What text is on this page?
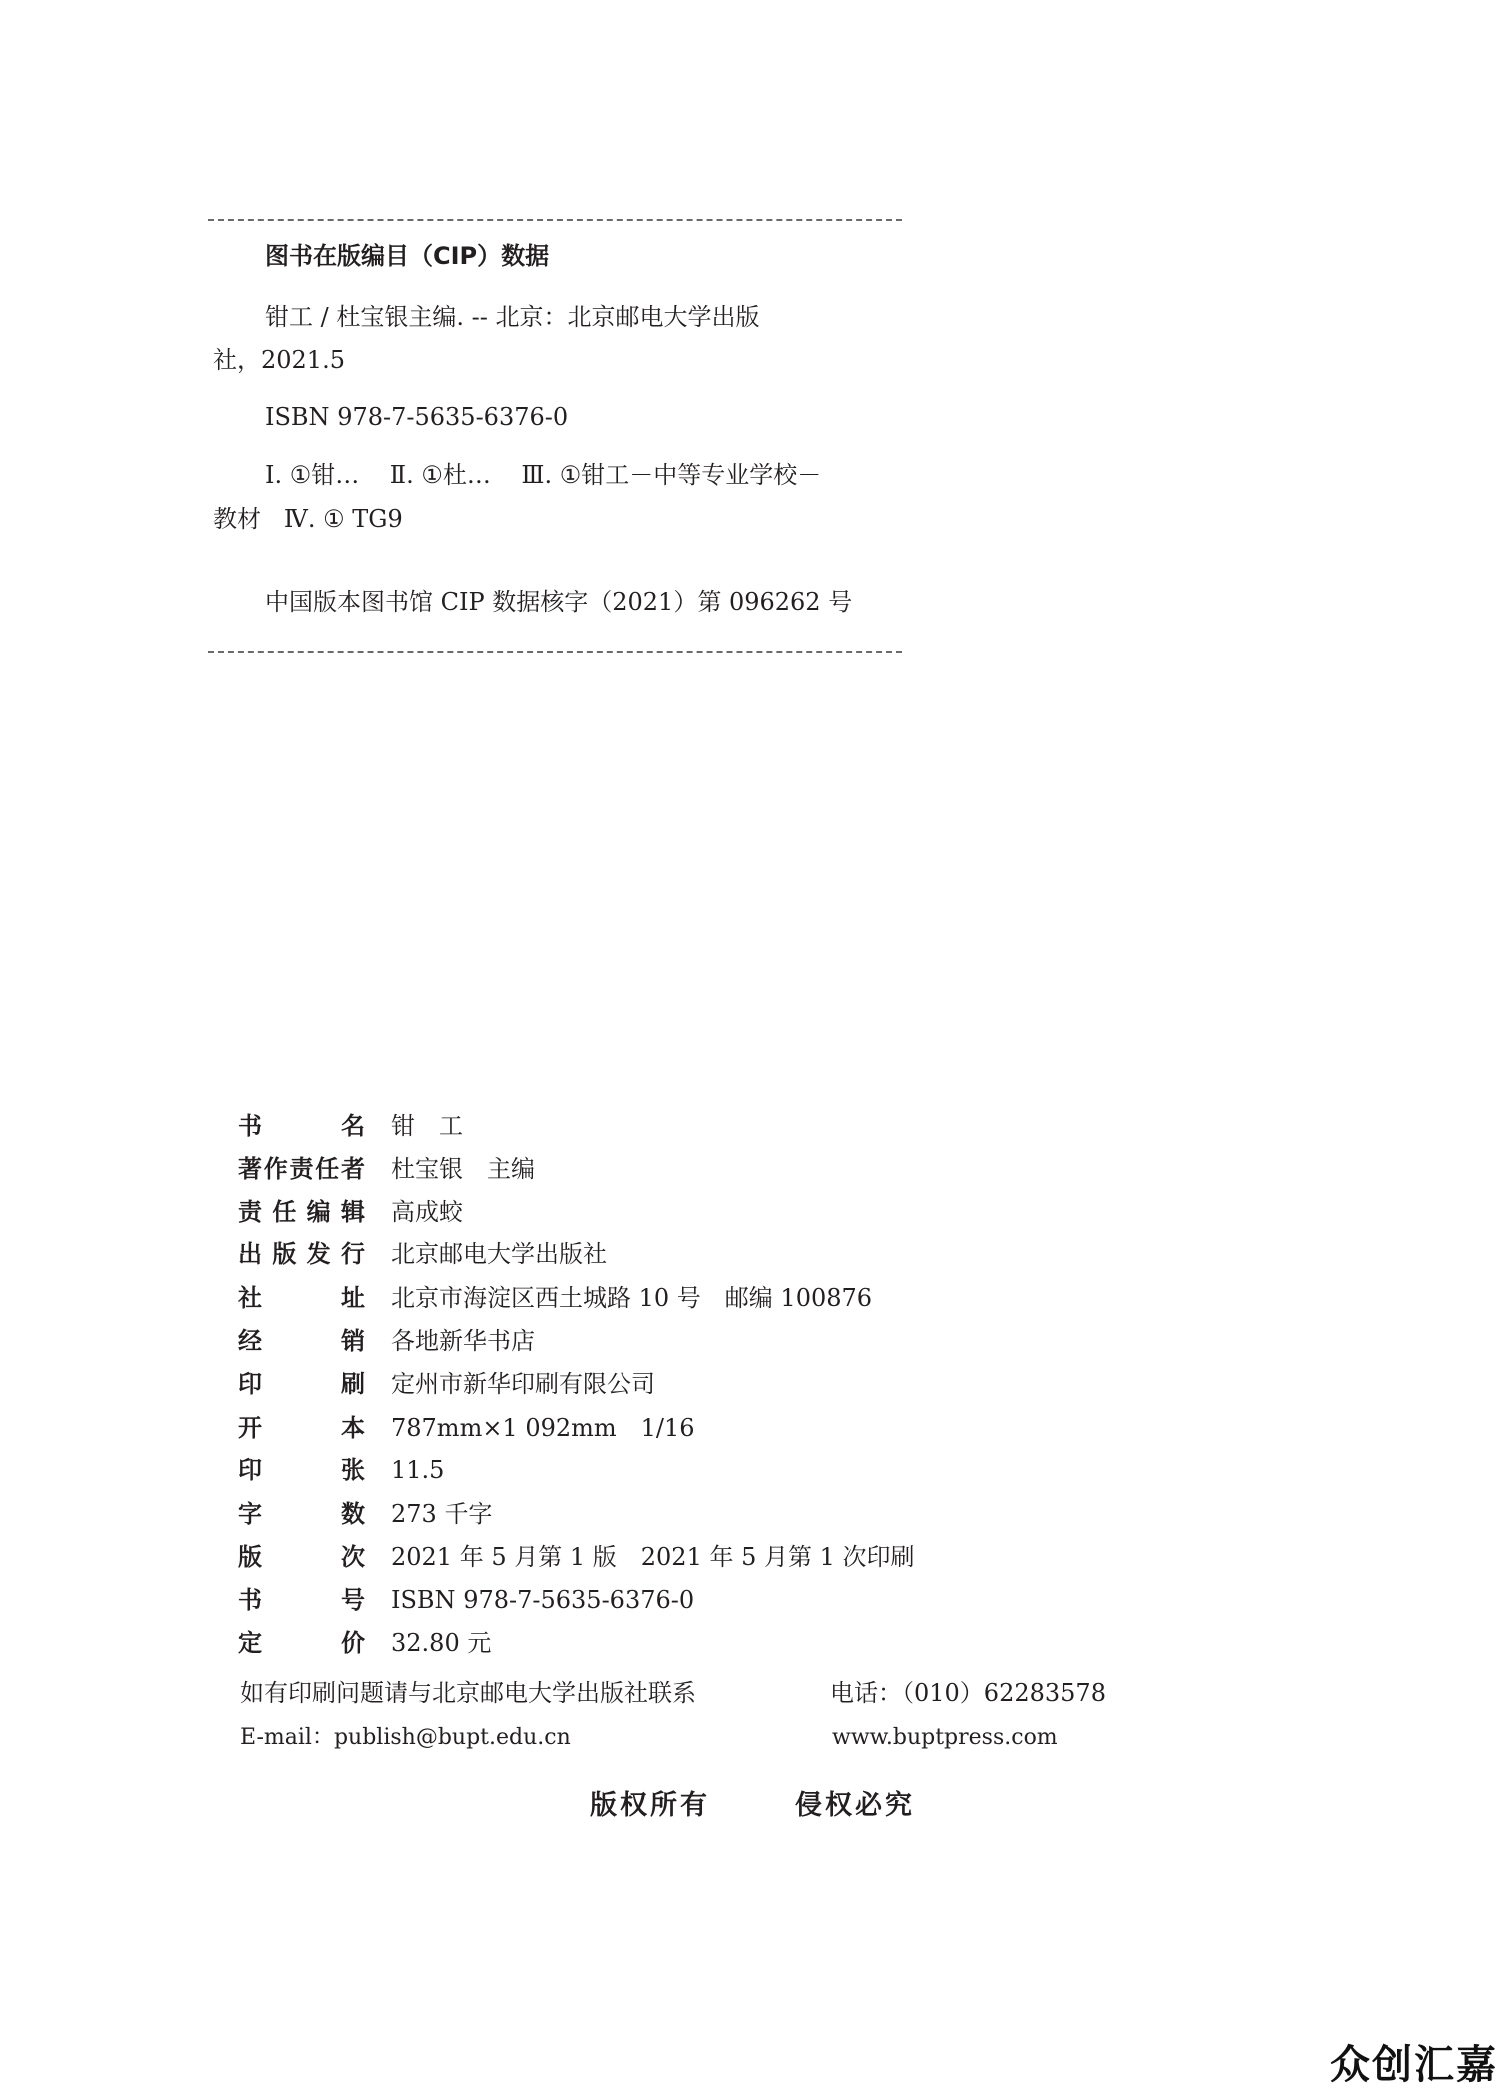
图书在版编目（CIP）数据
钳工 / 杜宝银主编. -- 北京：北京邮电大学出版
社，2021.5
ISBN 978-7-5635-6376-0
Ⅰ. ①钳…    Ⅱ. ①杜…    Ⅲ. ①钳工－中等专业学校－
教材   Ⅳ. ① TG9
中国版本图书馆 CIP 数据核字（2021）第 096262 号
书	名 钳　工
著 作 责 任 者 杜宝银　主编
责 任 编 辑 高成蛟
出 版 发 行 北京邮电大学出版社
社	址 北京市海淀区西土城路 10 号　邮编 100876
经	销 各地新华书店
印	刷 定州市新华印刷有限公司
开	本 787mm×1 092mm　1/16
印	张 11.5
字	数 273 千字
版	次 2021 年 5 月第 1 版　2021 年 5 月第 1 次印刷
书	号 ISBN 978-7-5635-6376-0
定	价 32.80 元
如有印刷问题请与北京邮电大学出版社联系	电话：（010）62283578
E-mail：publish@bupt.edu.cn	www.buptpress.com
版权所有	侵权必究
众创汇嘉
